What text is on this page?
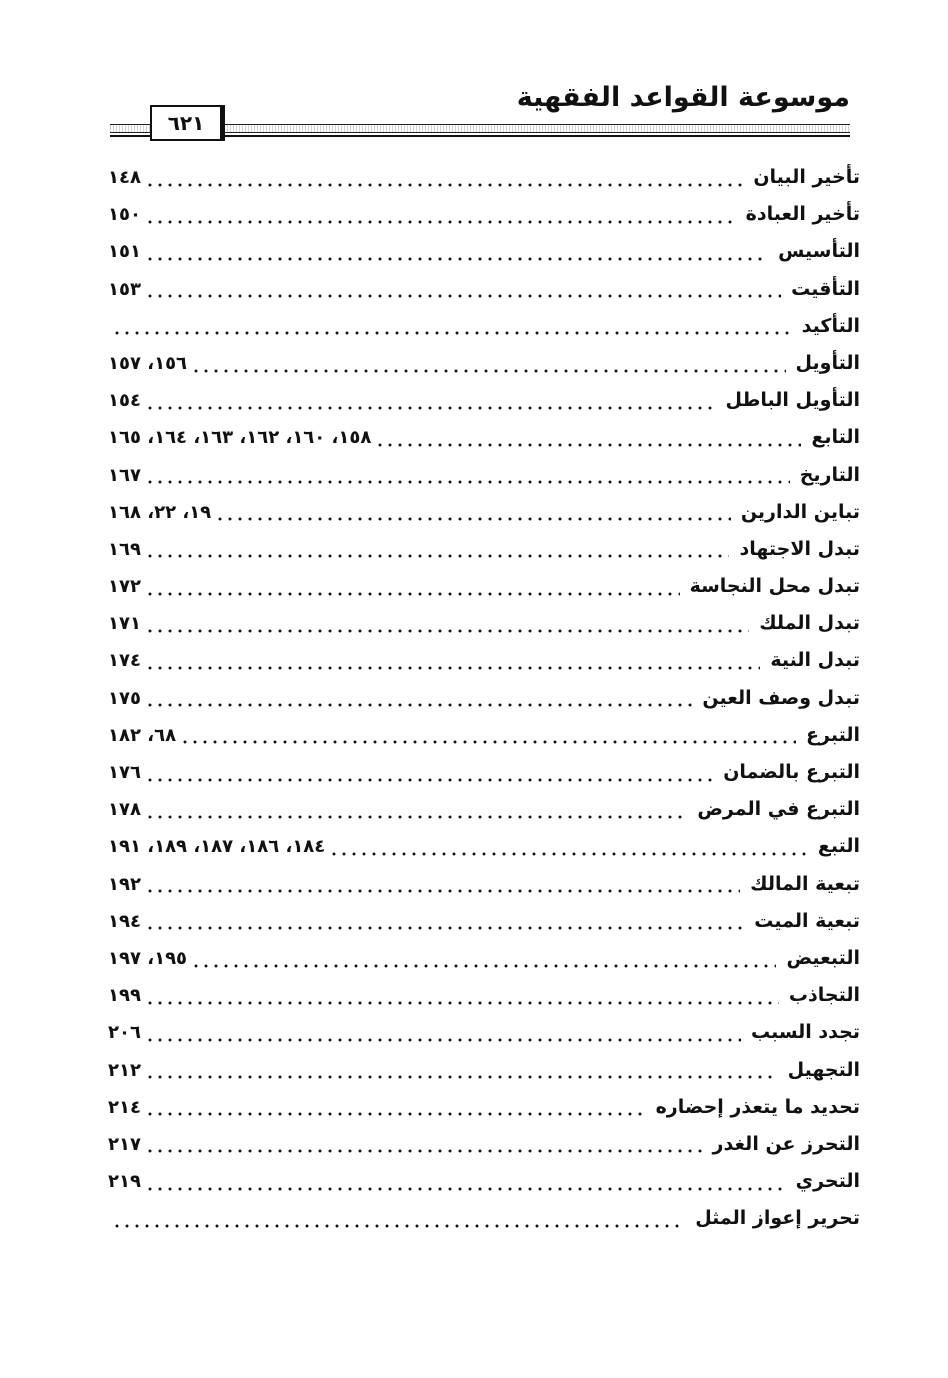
٦٢١
موسوعة القواعد الفقهية
تأخير البيان
١٤٨
تأخير العبادة
١٥٠
التأسيس
١٥١
التأقيت
١٥٣
التأكيد
التأويل
١٥٦، ١٥٧
التأويل الباطل
١٥٤
التابع
١٥٨، ١٦٠، ١٦٢، ١٦٣، ١٦٤، ١٦٥
التاريخ
١٦٧
تباين الدارين
١٩، ٢٢، ١٦٨
تبدل الاجتهاد
١٦٩
تبدل محل النجاسة
١٧٢
تبدل الملك
١٧١
تبدل النية
١٧٤
تبدل وصف العين
١٧٥
التبرع
٦٨، ١٨٢
التبرع بالضمان
١٧٦
التبرع في المرض
١٧٨
التبع
١٨٤، ١٨٦، ١٨٧، ١٨٩، ١٩١
تبعية المالك
١٩٢
تبعية الميت
١٩٤
التبعيض
١٩٥، ١٩٧
التجاذب
١٩٩
تجدد السبب
٢٠٦
التجهيل
٢١٢
تحديد ما يتعذر إحضاره
٢١٤
التحرز عن الغدر
٢١٧
التحري
٢١٩
تحرير إعواز المثل
